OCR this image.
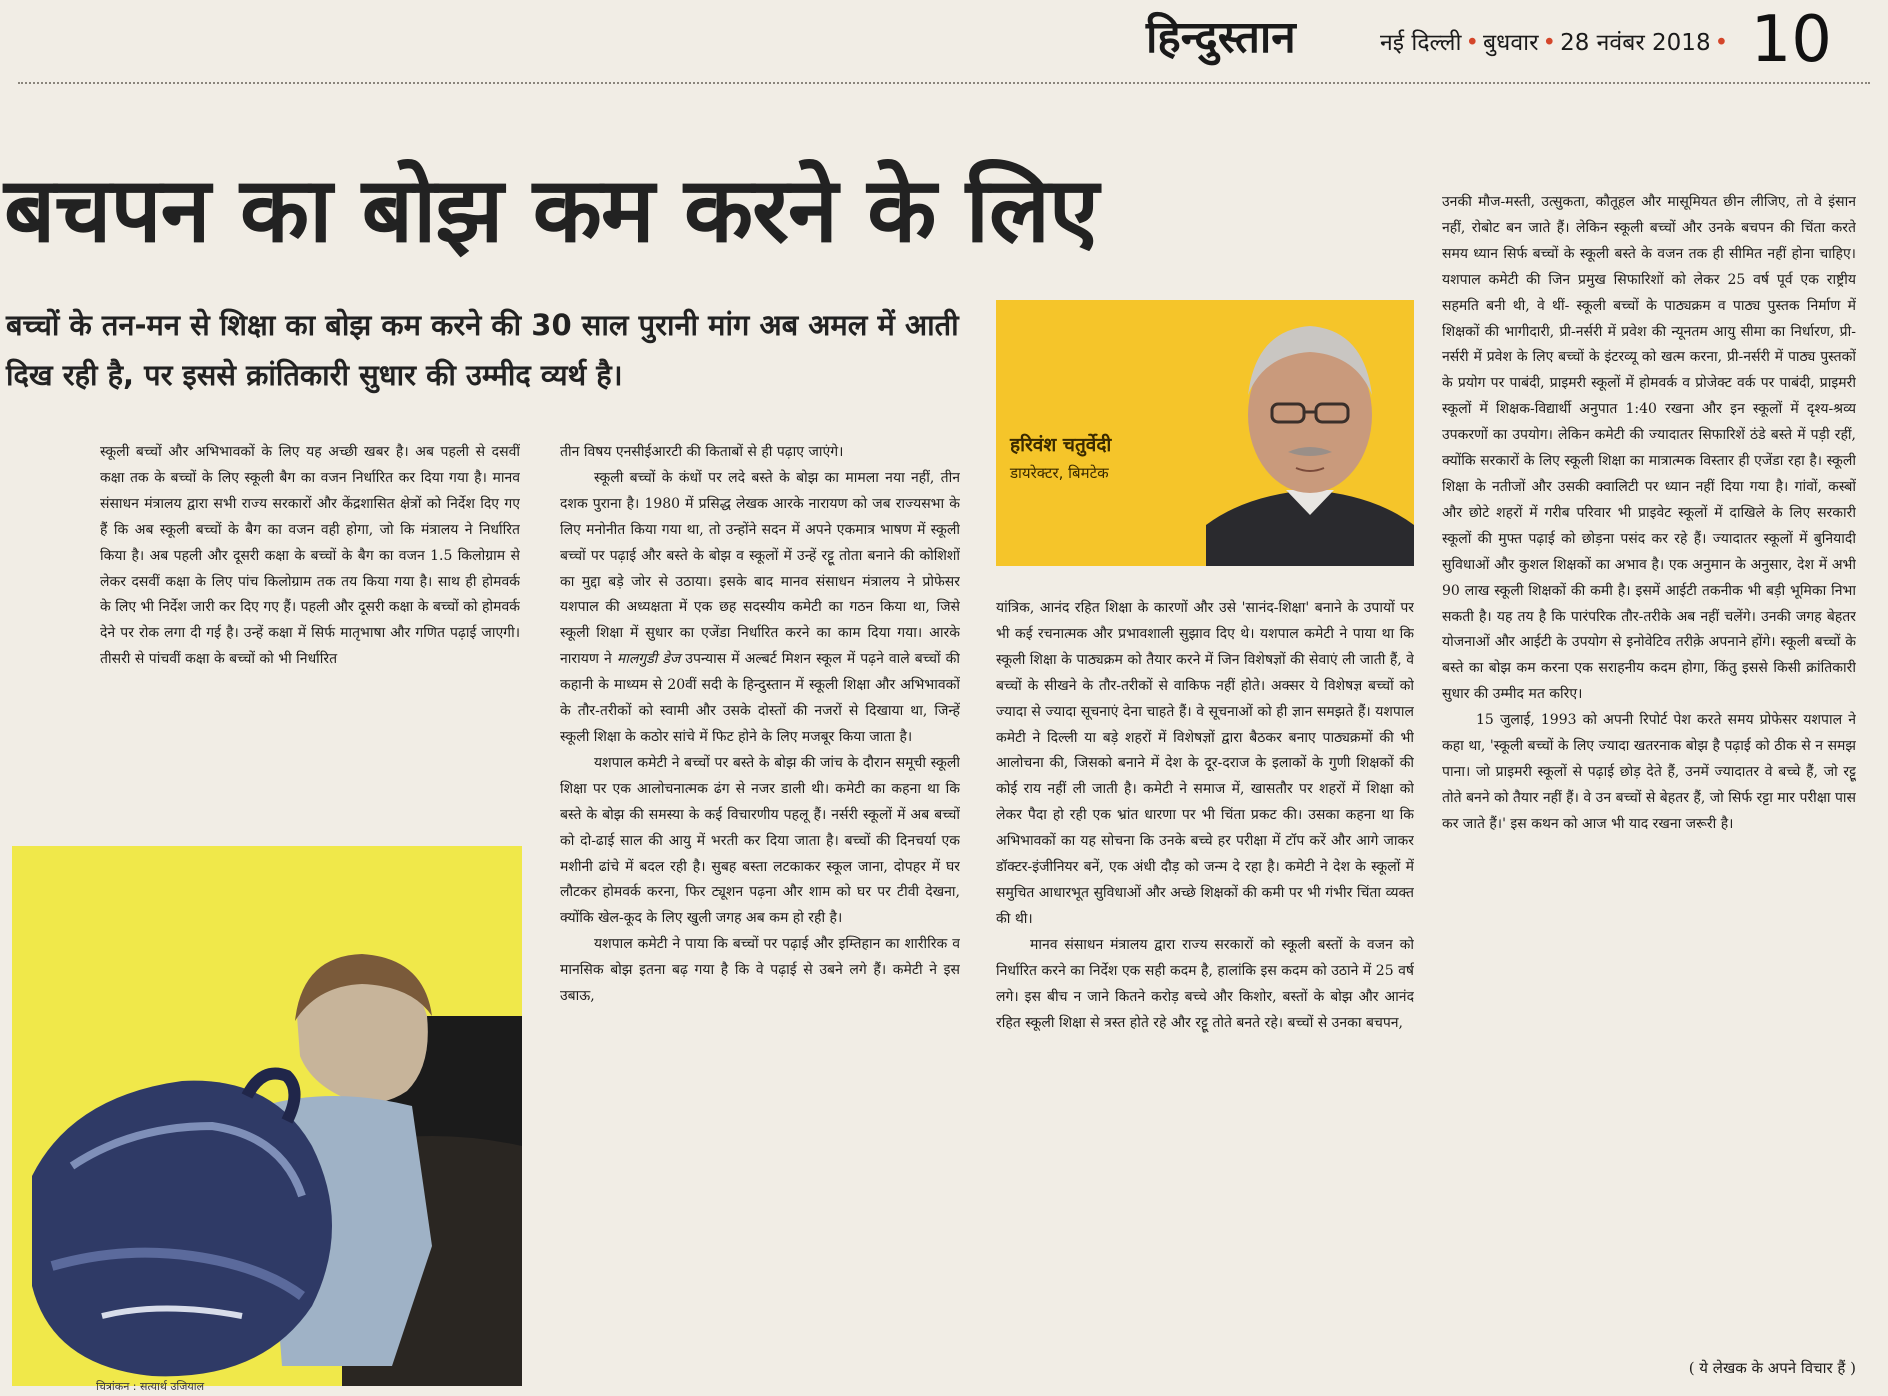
हिन्दुस्तान	नई दिल्ली • बुधवार • 28 नवंबर 2018 • 10
बचपन का बोझ कम करने के लिए
बच्चों के तन-मन से शिक्षा का बोझ कम करने की 30 साल पुरानी मांग अब अमल में आती दिख रही है, पर इससे क्रांतिकारी सुधार की उम्मीद व्यर्थ है।
हरिवंश चतुर्वेदी
डायरेक्टर, बिमटेक

स्कूली बच्चों और अभिभावकों के लिए यह अच्छी खबर है। अब पहली से दसवीं कक्षा तक के बच्चों के लिए स्कूली बैग का वजन निर्धारित कर दिया गया है। मानव संसाधन मंत्रालय द्वारा सभी राज्य सरकारों और केंद्रशासित क्षेत्रों को निर्देश दिए गए हैं कि अब स्कूली बच्चों के बैग का वजन वही होगा, जो कि मंत्रालय ने निर्धारित किया है। अब पहली और दूसरी कक्षा के बच्चों के बैग का वजन 1.5 किलोग्राम से लेकर दसवीं कक्षा के लिए पांच किलोग्राम तक तय किया गया है। साथ ही होमवर्क के लिए भी निर्देश जारी कर दिए गए हैं। पहली और दूसरी कक्षा के बच्चों को होमवर्क देने पर रोक लगा दी गई है। उन्हें कक्षा में सिर्फ मातृभाषा और गणित पढ़ाई जाएगी। तीसरी से पांचवीं कक्षा के बच्चों को भी निर्धारित

तीन विषय एनसीईआरटी की किताबों से ही पढ़ाए जाएंगे।

स्कूली बच्चों के कंधों पर लदे बस्ते के बोझ का मामला नया नहीं, तीन दशक पुराना है। 1980 में प्रसिद्ध लेखक आरके नारायण को जब राज्यसभा के लिए मनोनीत किया गया था, तो उन्होंने सदन में अपने एकमात्र भाषण में स्कूली बच्चों पर पढ़ाई और बस्ते के बोझ व स्कूलों में उन्हें रट्टू तोता बनाने की कोशिशों का मुद्दा बड़े जोर से उठाया। इसके बाद मानव संसाधन मंत्रालय ने प्रोफेसर यशपाल की अध्यक्षता में एक छह सदस्यीय कमेटी का गठन किया था, जिसे स्कूली शिक्षा में सुधार का एजेंडा निर्धारित करने का काम दिया गया। आरके नारायण ने मालगुडी डेज उपन्यास में अल्बर्ट मिशन स्कूल में पढ़ने वाले बच्चों की कहानी के माध्यम से 20वीं सदी के हिन्दुस्तान में स्कूली शिक्षा और अभिभावकों के तौर-तरीकों को स्वामी और उसके दोस्तों की नजरों से दिखाया था, जिन्हें स्कूली शिक्षा के कठोर सांचे में फिट होने के लिए मजबूर किया जाता है।

यशपाल कमेटी ने बच्चों पर बस्ते के बोझ की जांच के दौरान समूची स्कूली शिक्षा पर एक आलोचनात्मक ढंग से नजर डाली थी। कमेटी का कहना था कि बस्ते के बोझ की समस्या के कई विचारणीय पहलू हैं। नर्सरी स्कूलों में अब बच्चों को दो-ढाई साल की आयु में भरती कर दिया जाता है। बच्चों की दिनचर्या एक मशीनी ढांचे में बदल रही है। सुबह बस्ता लटकाकर स्कूल जाना, दोपहर में घर लौटकर होमवर्क करना, फिर ट्यूशन पढ़ना और शाम को घर पर टीवी देखना, क्योंकि खेल-कूद के लिए खुली जगह अब कम हो रही है।

यशपाल कमेटी ने पाया कि बच्चों पर पढ़ाई और इम्तिहान का शारीरिक व मानसिक बोझ इतना बढ़ गया है कि वे पढ़ाई से उबने लगे हैं। कमेटी ने इस उबाऊ,

यांत्रिक, आनंद रहित शिक्षा के कारणों और उसे 'सानंद-शिक्षा' बनाने के उपायों पर भी कई रचनात्मक और प्रभावशाली सुझाव दिए थे। यशपाल कमेटी ने पाया था कि स्कूली शिक्षा के पाठ्यक्रम को तैयार करने में जिन विशेषज्ञों की सेवाएं ली जाती हैं, वे बच्चों के सीखने के तौर-तरीकों से वाकिफ नहीं होते। अक्सर ये विशेषज्ञ बच्चों को ज्यादा से ज्यादा सूचनाएं देना चाहते हैं। वे सूचनाओं को ही ज्ञान समझते हैं। यशपाल कमेटी ने दिल्ली या बड़े शहरों में विशेषज्ञों द्वारा बैठकर बनाए पाठ्यक्रमों की भी आलोचना की, जिसको बनाने में देश के दूर-दराज के इलाकों के गुणी शिक्षकों की कोई राय नहीं ली जाती है। कमेटी ने समाज में, खासतौर पर शहरों में शिक्षा को लेकर पैदा हो रही एक भ्रांत धारणा पर भी चिंता प्रकट की। उसका कहना था कि अभिभावकों का यह सोचना कि उनके बच्चे हर परीक्षा में टॉप करें और आगे जाकर डॉक्टर-इंजीनियर बनें, एक अंधी दौड़ को जन्म दे रहा है। कमेटी ने देश के स्कूलों में समुचित आधारभूत सुविधाओं और अच्छे शिक्षकों की कमी पर भी गंभीर चिंता व्यक्त की थी।

मानव संसाधन मंत्रालय द्वारा राज्य सरकारों को स्कूली बस्तों के वजन को निर्धारित करने का निर्देश एक सही कदम है, हालांकि इस कदम को उठाने में 25 वर्ष लगे। इस बीच न जाने कितने करोड़ बच्चे और किशोर, बस्तों के बोझ और आनंद रहित स्कूली शिक्षा से त्रस्त होते रहे और रट्टू तोते बनते रहे। बच्चों से उनका बचपन,

उनकी मौज-मस्ती, उत्सुकता, कौतूहल और मासूमियत छीन लीजिए, तो वे इंसान नहीं, रोबोट बन जाते हैं। लेकिन स्कूली बच्चों और उनके बचपन की चिंता करते समय ध्यान सिर्फ बच्चों के स्कूली बस्ते के वजन तक ही सीमित नहीं होना चाहिए। यशपाल कमेटी की जिन प्रमुख सिफारिशों को लेकर 25 वर्ष पूर्व एक राष्ट्रीय सहमति बनी थी, वे थीं- स्कूली बच्चों के पाठ्यक्रम व पाठ्य पुस्तक निर्माण में शिक्षकों की भागीदारी, प्री-नर्सरी में प्रवेश की न्यूनतम आयु सीमा का निर्धारण, प्री-नर्सरी में प्रवेश के लिए बच्चों के इंटरव्यू को खत्म करना, प्री-नर्सरी में पाठ्य पुस्तकों के प्रयोग पर पाबंदी, प्राइमरी स्कूलों में होमवर्क व प्रोजेक्ट वर्क पर पाबंदी, प्राइमरी स्कूलों में शिक्षक-विद्यार्थी अनुपात 1:40 रखना और इन स्कूलों में दृश्य-श्रव्य उपकरणों का उपयोग। लेकिन कमेटी की ज्यादातर सिफारिशें ठंडे बस्ते में पड़ी रहीं, क्योंकि सरकारों के लिए स्कूली शिक्षा का मात्रात्मक विस्तार ही एजेंडा रहा है। स्कूली शिक्षा के नतीजों और उसकी क्वालिटी पर ध्यान नहीं दिया गया है। गांवों, कस्बों और छोटे शहरों में गरीब परिवार भी प्राइवेट स्कूलों में दाखिले के लिए सरकारी स्कूलों की मुफ्त पढ़ाई को छोड़ना पसंद कर रहे हैं। ज्यादातर स्कूलों में बुनियादी सुविधाओं और कुशल शिक्षकों का अभाव है। एक अनुमान के अनुसार, देश में अभी 90 लाख स्कूली शिक्षकों की कमी है। इसमें आईटी तकनीक भी बड़ी भूमिका निभा सकती है। यह तय है कि पारंपरिक तौर-तरीके अब नहीं चलेंगे। उनकी जगह बेहतर योजनाओं और आईटी के उपयोग से इनोवेटिव तरीक़े अपनाने होंगे। स्कूली बच्चों के बस्ते का बोझ कम करना एक सराहनीय कदम होगा, किंतु इससे किसी क्रांतिकारी सुधार की उम्मीद मत करिए।

15 जुलाई, 1993 को अपनी रिपोर्ट पेश करते समय प्रोफेसर यशपाल ने कहा था, 'स्कूली बच्चों के लिए ज्यादा खतरनाक बोझ है पढ़ाई को ठीक से न समझ पाना। जो प्राइमरी स्कूलों से पढ़ाई छोड़ देते हैं, उनमें ज्यादातर वे बच्चे हैं, जो रट्टू तोते बनने को तैयार नहीं हैं। वे उन बच्चों से बेहतर हैं, जो सिर्फ रट्टा मार परीक्षा पास कर जाते हैं।' इस कथन को आज भी याद रखना जरूरी है।

( ये लेखक के अपने विचार हैं )

चित्रांकन : सत्यार्थ उजियाल
